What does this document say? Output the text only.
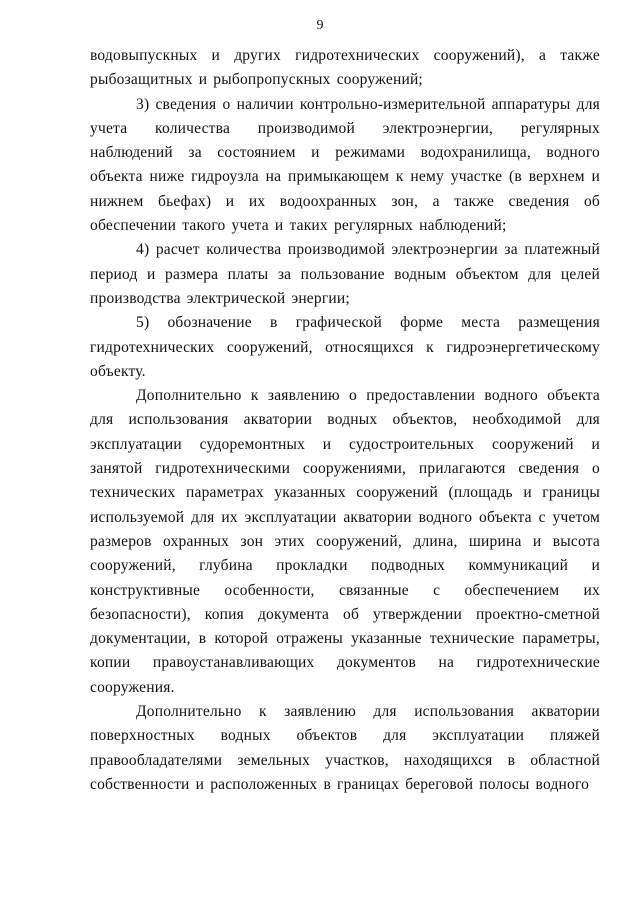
9

водовыпускных и других гидротехнических сооружений), а также рыбозащитных и рыбопропускных сооружений;

3) сведения о наличии контрольно-измерительной аппаратуры для учета количества производимой электроэнергии, регулярных наблюдений за состоянием и режимами водохранилища, водного объекта ниже гидроузла на примыкающем к нему участке (в верхнем и нижнем бьефах) и их водоохранных зон, а также сведения об обеспечении такого учета и таких регулярных наблюдений;

4) расчет количества производимой электроэнергии за платежный период и размера платы за пользование водным объектом для целей производства электрической энергии;

5) обозначение в графической форме места размещения гидротехнических сооружений, относящихся к гидроэнергетическому объекту.

Дополнительно к заявлению о предоставлении водного объекта для использования акватории водных объектов, необходимой для эксплуатации судоремонтных и судостроительных сооружений и занятой гидротехническими сооружениями, прилагаются сведения о технических параметрах указанных сооружений (площадь и границы используемой для их эксплуатации акватории водного объекта с учетом размеров охранных зон этих сооружений, длина, ширина и высота сооружений, глубина прокладки подводных коммуникаций и конструктивные особенности, связанные с обеспечением их безопасности), копия документа об утверждении проектно-сметной документации, в которой отражены указанные технические параметры, копии правоустанавливающих документов на гидротехнические сооружения.

Дополнительно к заявлению для использования акватории поверхностных водных объектов для эксплуатации пляжей правообладателями земельных участков, находящихся в областной собственности и расположенных в границах береговой полосы водного
